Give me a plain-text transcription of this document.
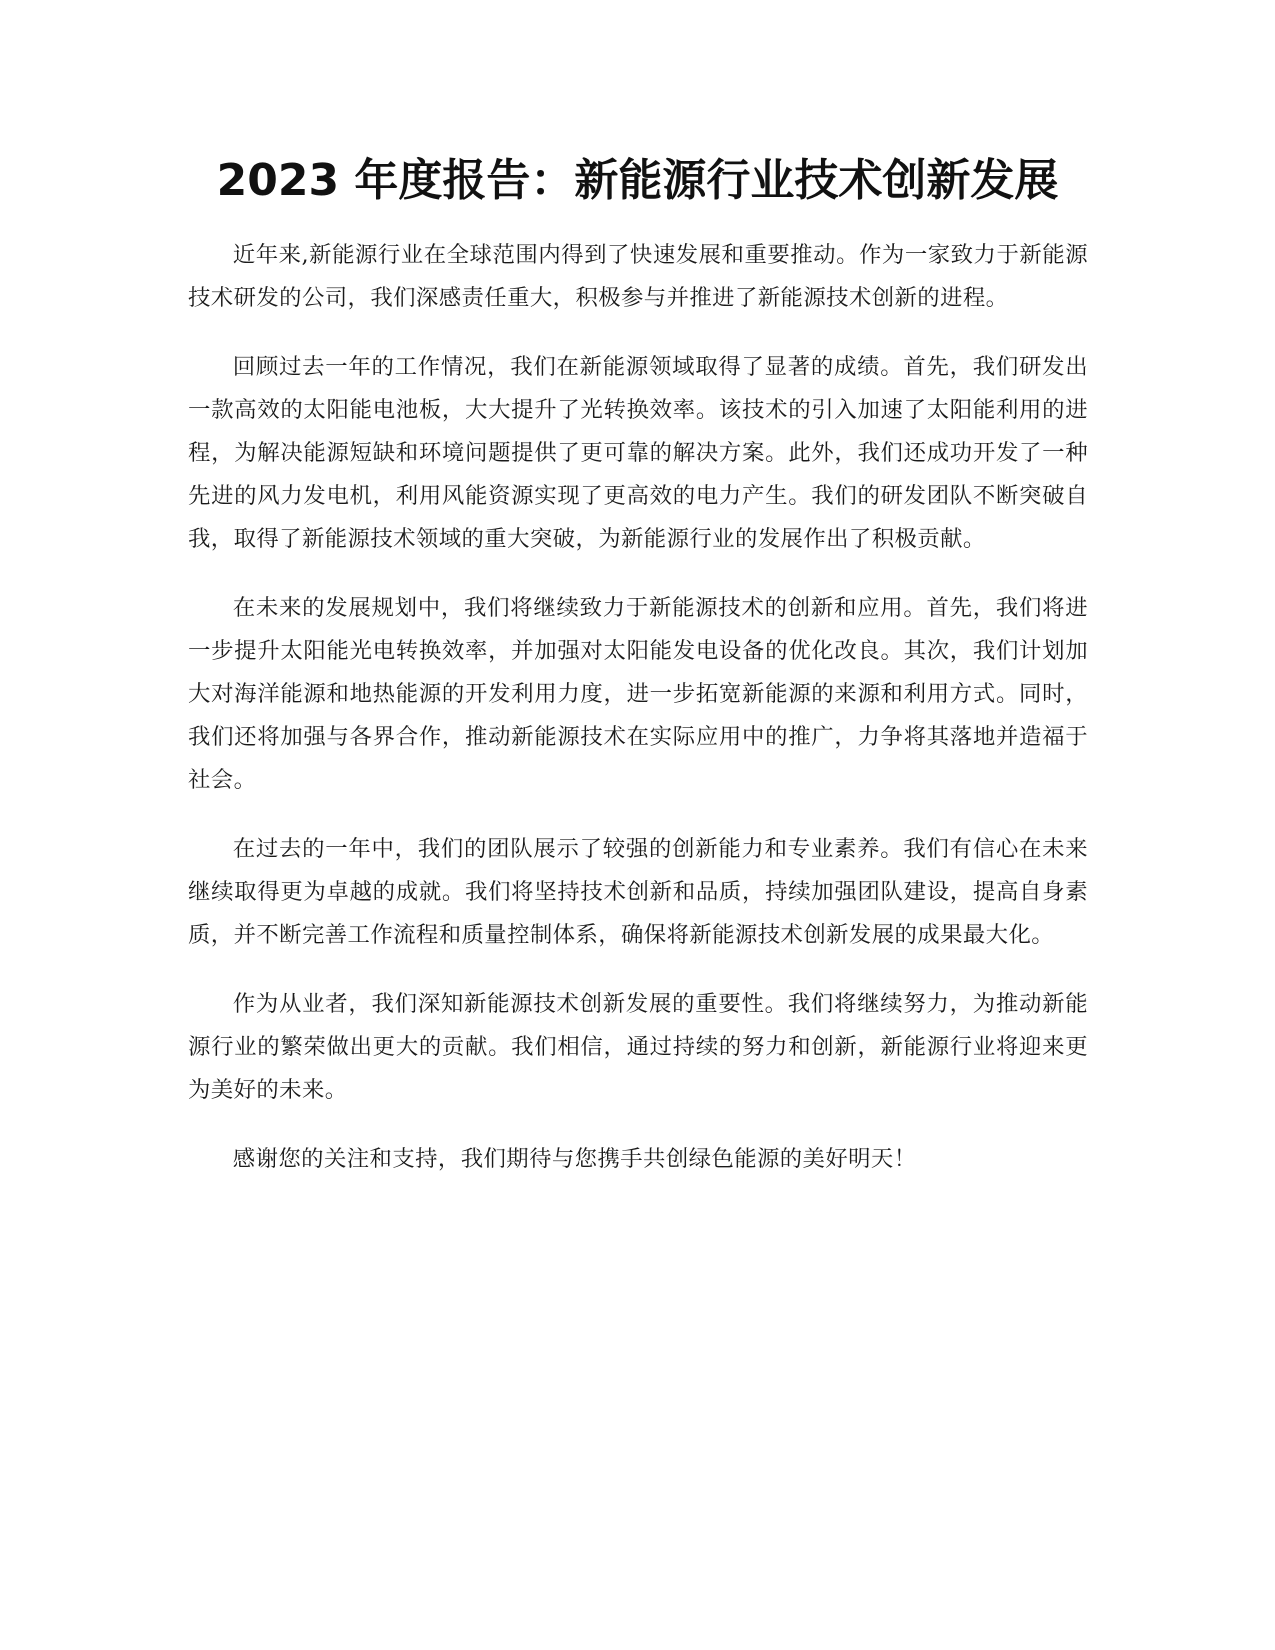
2023 年度报告：新能源行业技术创新发展

近年来,新能源行业在全球范围内得到了快速发展和重要推动。作为一家致力于新能源技术研发的公司，我们深感责任重大，积极参与并推进了新能源技术创新的进程。

回顾过去一年的工作情况，我们在新能源领域取得了显著的成绩。首先，我们研发出一款高效的太阳能电池板，大大提升了光转换效率。该技术的引入加速了太阳能利用的进程，为解决能源短缺和环境问题提供了更可靠的解决方案。此外，我们还成功开发了一种先进的风力发电机，利用风能资源实现了更高效的电力产生。我们的研发团队不断突破自我，取得了新能源技术领域的重大突破，为新能源行业的发展作出了积极贡献。

在未来的发展规划中，我们将继续致力于新能源技术的创新和应用。首先，我们将进一步提升太阳能光电转换效率，并加强对太阳能发电设备的优化改良。其次，我们计划加大对海洋能源和地热能源的开发利用力度，进一步拓宽新能源的来源和利用方式。同时，我们还将加强与各界合作，推动新能源技术在实际应用中的推广，力争将其落地并造福于社会。

在过去的一年中，我们的团队展示了较强的创新能力和专业素养。我们有信心在未来继续取得更为卓越的成就。我们将坚持技术创新和品质，持续加强团队建设，提高自身素质，并不断完善工作流程和质量控制体系，确保将新能源技术创新发展的成果最大化。

作为从业者，我们深知新能源技术创新发展的重要性。我们将继续努力，为推动新能源行业的繁荣做出更大的贡献。我们相信，通过持续的努力和创新，新能源行业将迎来更为美好的未来。

感谢您的关注和支持，我们期待与您携手共创绿色能源的美好明天！
